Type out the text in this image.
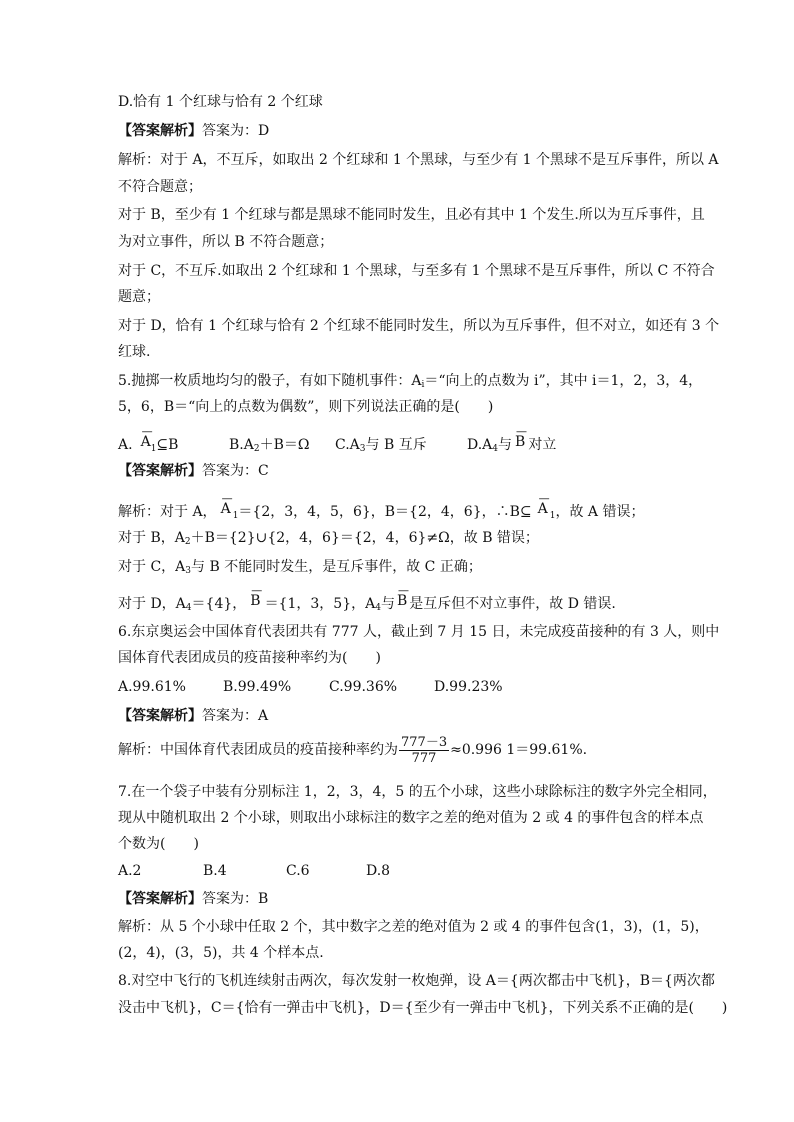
D.恰有 1 个红球与恰有 2 个红球
【答案解析】答案为：D
解析：对于 A，不互斥，如取出 2 个红球和 1 个黑球，与至少有 1 个黑球不是互斥事件，所以 A
不符合题意；
对于 B，至少有 1 个红球与都是黑球不能同时发生，且必有其中 1 个发生.所以为互斥事件，且
为对立事件，所以 B 不符合题意；
对于 C，不互斥.如取出 2 个红球和 1 个黑球，与至多有 1 个黑球不是互斥事件，所以 C 不符合
题意；
对于 D，恰有 1 个红球与恰有 2 个红球不能同时发生，所以为互斥事件，但不对立，如还有 3 个
红球.
5.抛掷一枚质地均匀的骰子，有如下随机事件：$A_i=“$向上的点数为 i”，其中 i＝1，2，3，4，
5，6，B＝“向上的点数为偶数”，则下列说法正确的是(　　)
A.
—
$A_1⊆B$	$B.A_2+B=\Omega$ $C.A_3$与 B 互斥	$D.A_4$与
—
B 对立
【答案解析】答案为：C
解析：对于 A，
—
A $_1$＝{2，3，4，5，6}，B＝{2，4，6}，∴B⊆
—
A $_1$，故 A 错误；
对于 B，$A_2+B=\{2\}\cup\{2$，4，6}＝{2，4，6}≠Ω，故 B 错误；
对于 C，$A_3$与 B 不能同时发生，是互斥事件，故 C 正确；
对于 D，$A_4=\{4\}$，
—
B ＝{1，3，5}，$A_4$与
—
B 是互斥但不对立事件，故 D 错误.
6.东京奥运会中国体育代表团共有 777 人，截止到 7 月 15 日，未完成疫苗接种的有 3 人，则中
国体育代表团成员的疫苗接种率约为(　　)
A.99.61%	B.99.49%	C.99.36%	D.99.23%
【答案解析】答案为：A
解析：中国体育代表团成员的疫苗接种率约为 $\frac{777-3}{777} \approx 0.996$ 1＝99.61%.
7.在一个袋子中装有分别标注 1，2，3，4，5 的五个小球，这些小球除标注的数字外完全相同，
现从中随机取出 2 个小球，则取出小球标注的数字之差的绝对值为 2 或 4 的事件包含的样本点
个数为(　　)
A.2	B.4	C.6	D.8
【答案解析】答案为：B
解析：从 5 个小球中任取 2 个，其中数字之差的绝对值为 2 或 4 的事件包含(1，3)，(1，5)，
(2，4)，(3，5)，共 4 个样本点.
8.对空中飞行的飞机连续射击两次，每次发射一枚炮弹，设 A＝{两次都击中飞机}，B＝{两次都
没击中飞机}，C＝{恰有一弹击中飞机}，D＝{至少有一弹击中飞机}，下列关系不正确的是(　　)
